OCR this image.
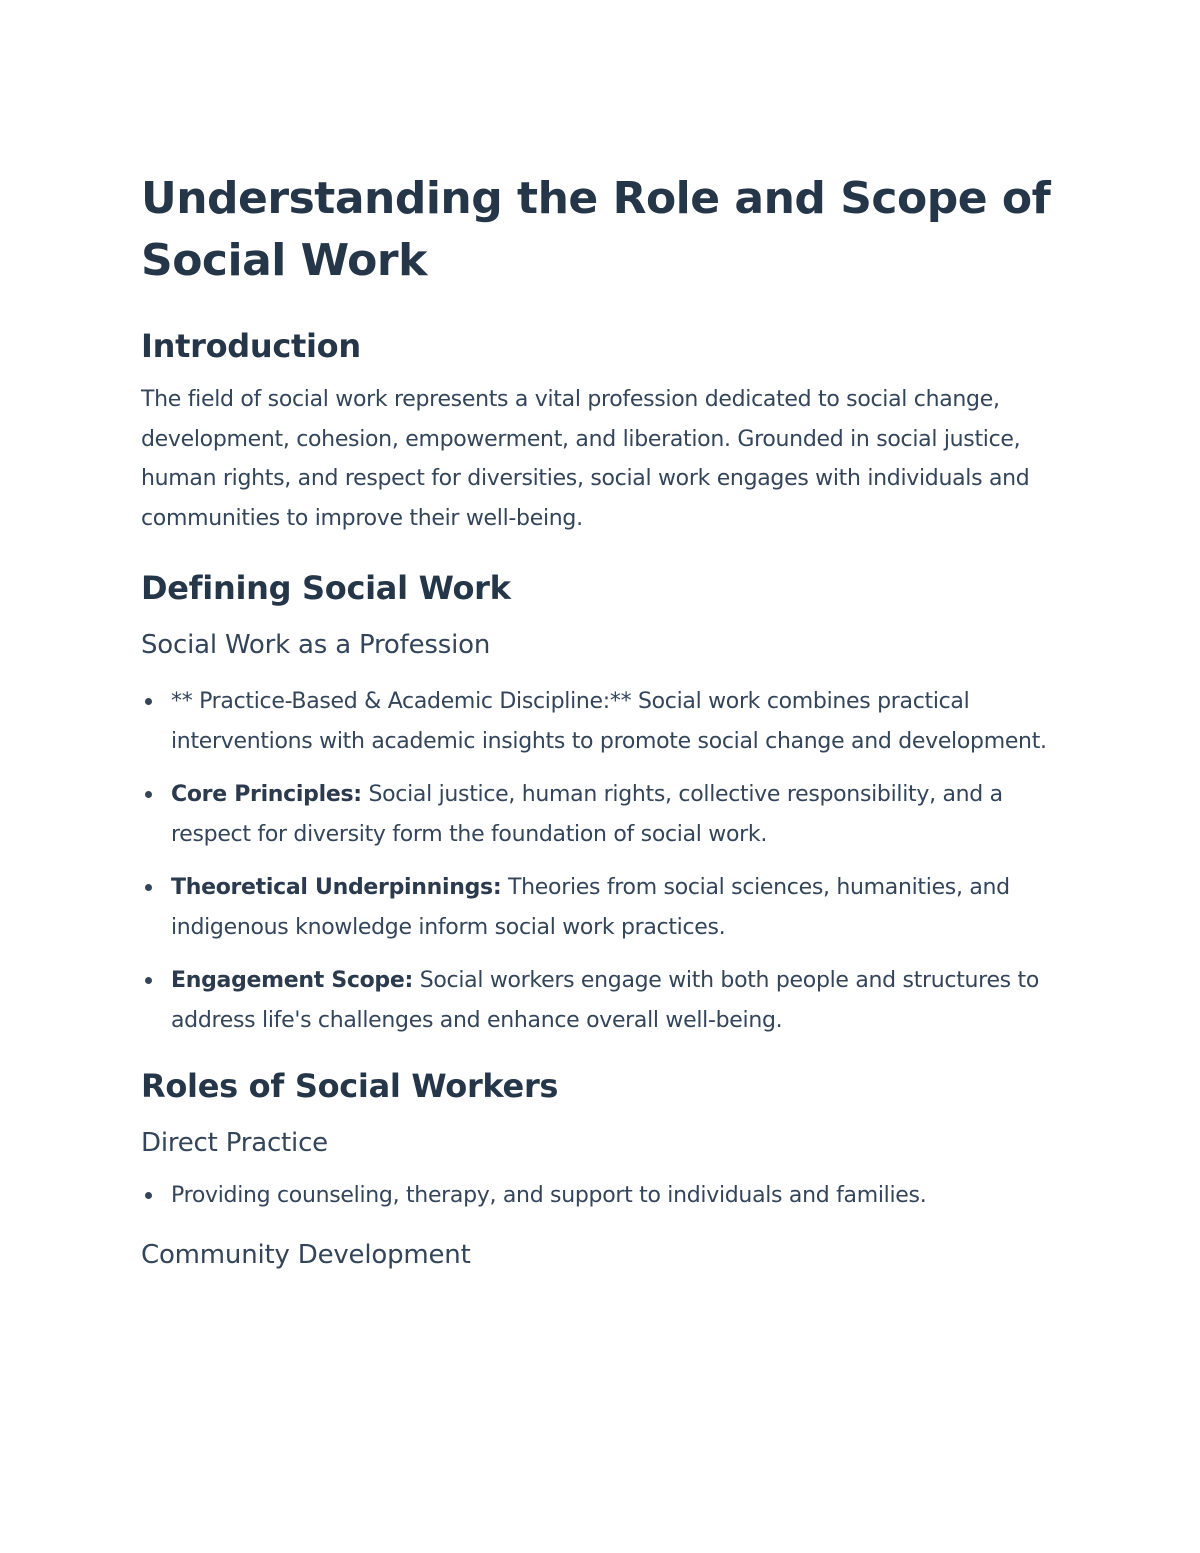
Understanding the Role and Scope of Social Work
Introduction

The field of social work represents a vital profession dedicated to social change, development, cohesion, empowerment, and liberation. Grounded in social justice, human rights, and respect for diversities, social work engages with individuals and communities to improve their well-being.

Defining Social Work
Social Work as a Profession
** Practice-Based & Academic Discipline:** Social work combines practical interventions with academic insights to promote social change and development.
Core Principles: Social justice, human rights, collective responsibility, and a respect for diversity form the foundation of social work.
Theoretical Underpinnings: Theories from social sciences, humanities, and indigenous knowledge inform social work practices.
Engagement Scope: Social workers engage with both people and structures to address life's challenges and enhance overall well-being.
Roles of Social Workers
Direct Practice
Providing counseling, therapy, and support to individuals and families.
Community Development
